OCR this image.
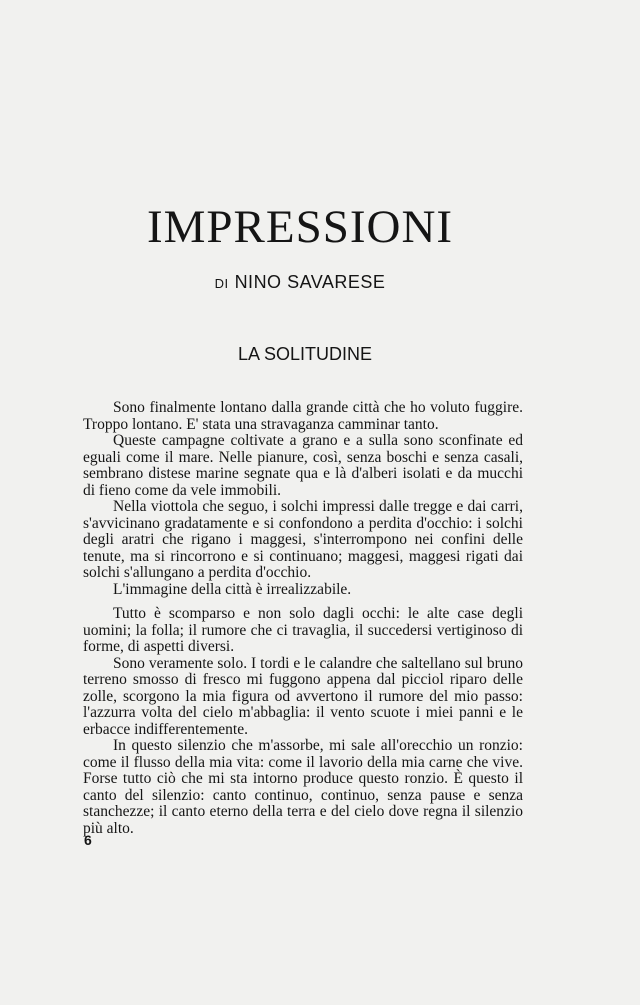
IMPRESSIONI
DI NINO SAVARESE
LA SOLITUDINE

Sono finalmente lontano dalla grande città che ho voluto fuggire. Troppo lontano. E' stata una stravaganza camminar tanto.

Queste campagne coltivate a grano e a sulla sono sconfinate ed eguali come il mare. Nelle pianure, così, senza boschi e senza casali, sembrano distese marine segnate qua e là d'alberi isolati e da mucchi di fieno come da vele immobili.

Nella viottola che seguo, i solchi impressi dalle tregge e dai carri, s'avvicinano gradatamente e si confondono a perdita d'occhio: i solchi degli aratri che rigano i maggesi, s'interrompono nei confini delle tenute, ma si rincorrono e si continuano; maggesi, maggesi rigati dai solchi s'allungano a perdita d'occhio.

L'immagine della città è irrealizzabile.

Tutto è scomparso e non solo dagli occhi: le alte case degli uomini; la folla; il rumore che ci travaglia, il succedersi vertiginoso di forme, di aspetti diversi.

Sono veramente solo. I tordi e le calandre che saltellano sul bruno terreno smosso di fresco mi fuggono appena dal picciol riparo delle zolle, scorgono la mia figura od avvertono il rumore del mio passo: l'azzurra volta del cielo m'abbaglia: il vento scuote i miei panni e le erbacce indifferentemente.

In questo silenzio che m'assorbe, mi sale all'orecchio un ronzio: come il flusso della mia vita: come il lavorio della mia carne che vive. Forse tutto ciò che mi sta intorno produce questo ronzio. È questo il canto del silenzio: canto continuo, continuo, senza pause e senza stanchezze; il canto eterno della terra e del cielo dove regna il silenzio più alto.

6
